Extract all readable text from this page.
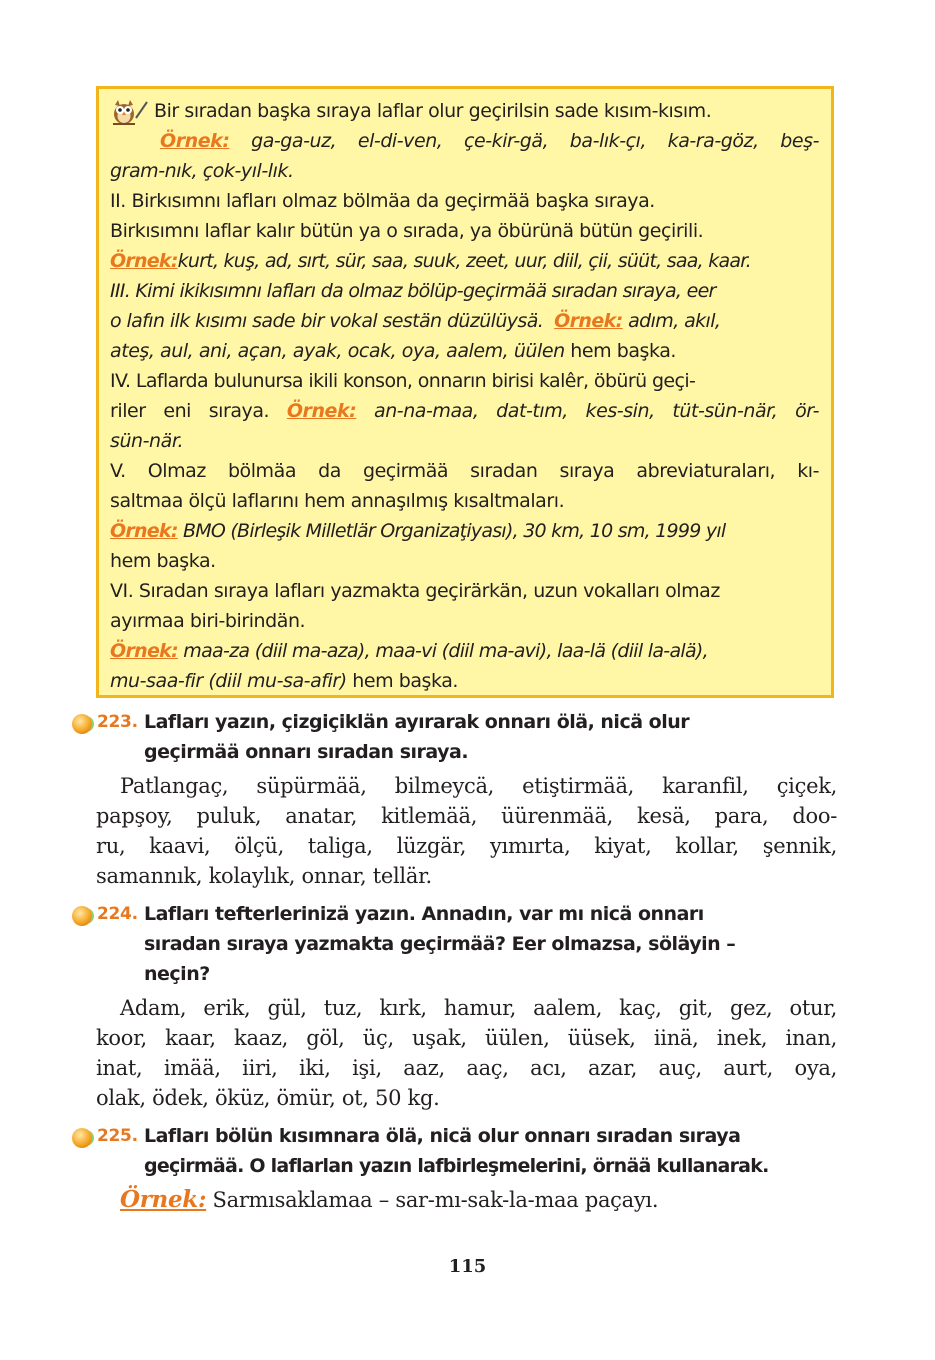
Bir sıradan başka sıraya laflar olur geçirilsin sade kısım-kısım.
Örnek: ga-ga-uz, el-di-ven, çe-kir-gä, ba-lık-çı, ka-ra-göz, beş-
gram-nık, çok-yıl-lık.
II. Birkısımnı lafları olmaz bölmäa da geçirmää başka sıraya.
Birkısımnı laflar kalır bütün ya o sırada, ya öbürünä bütün geçirili.
Örnek:kurt, kuş, ad, sırt, sür, saa, suuk, zeet, uur, diil, çii, süüt, saa, kaar.
III. Kimi ikikısımnı lafları da olmaz bölüp-geçirmää sıradan sıraya, eer
o lafın ilk kısımı sade bir vokal sestän düzülüysä. Örnek: adım, akıl,
ateş, aul, ani, açan, ayak, ocak, oya, aalem, üülen hem başka.
IV. Laflarda bulunursa ikili konson, onnarın birisi kalêr, öbürü geçi-
riler eni sıraya. Örnek: an-na-maa, dat-tım, kes-sin, tüt-sün-när, ör-
sün-när.
V. Olmaz bölmäa da geçirmää sıradan sıraya abreviaturaları, kı-
saltmaa ölçü laflarını hem annaşılmış kısaltmaları.
Örnek: BMO (Birleşik Milletlär Organizaţiyası), 30 km, 10 sm, 1999 yıl
hem başka.
VI. Sıradan sıraya lafları yazmakta geçirärkän, uzun vokalları olmaz
ayırmaa biri-birindän.
Örnek: maa-za (diil ma-aza), maa-vi (diil ma-avi), laa-lä (diil la-alä),
mu-saa-fir (diil mu-sa-afir) hem başka.
223. Lafları yazın, çizgiçiklän ayırarak onnarı ölä, nicä olur
geçirmää onnarı sıradan sıraya.
Patlangaç, süpürmää, bilmeycä, etiştirmää, karanfil, çiçek,
papşoy, puluk, anatar, kitlemää, üürenmää, kesä, para, doo-
ru, kaavi, ölçü, taliga, lüzgär, yımırta, kiyat, kollar, şennik,
samannık, kolaylık, onnar, tellär.
224. Lafları tefterlerinizä yazın. Annadın, var mı nicä onnarı
sıradan sıraya yazmakta geçirmää? Eer olmazsa, söläyin –
neçin?
Adam, erik, gül, tuz, kırk, hamur, aalem, kaç, git, gez, otur,
koor, kaar, kaaz, göl, üç, uşak, üülen, üüsek, iinä, inek, inan,
inat, imää, iiri, iki, işi, aaz, aaç, acı, azar, auç, aurt, oya,
olak, ödek, öküz, ömür, ot, 50 kg.
225. Lafları bölün kısımnara ölä, nicä olur onnarı sıradan sıraya
geçirmää. O laflarlan yazın lafbirleşmelerini, örnää kullanarak.
Örnek: Sarmısaklamaa – sar-mı-sak-la-maa paçayı.
115
